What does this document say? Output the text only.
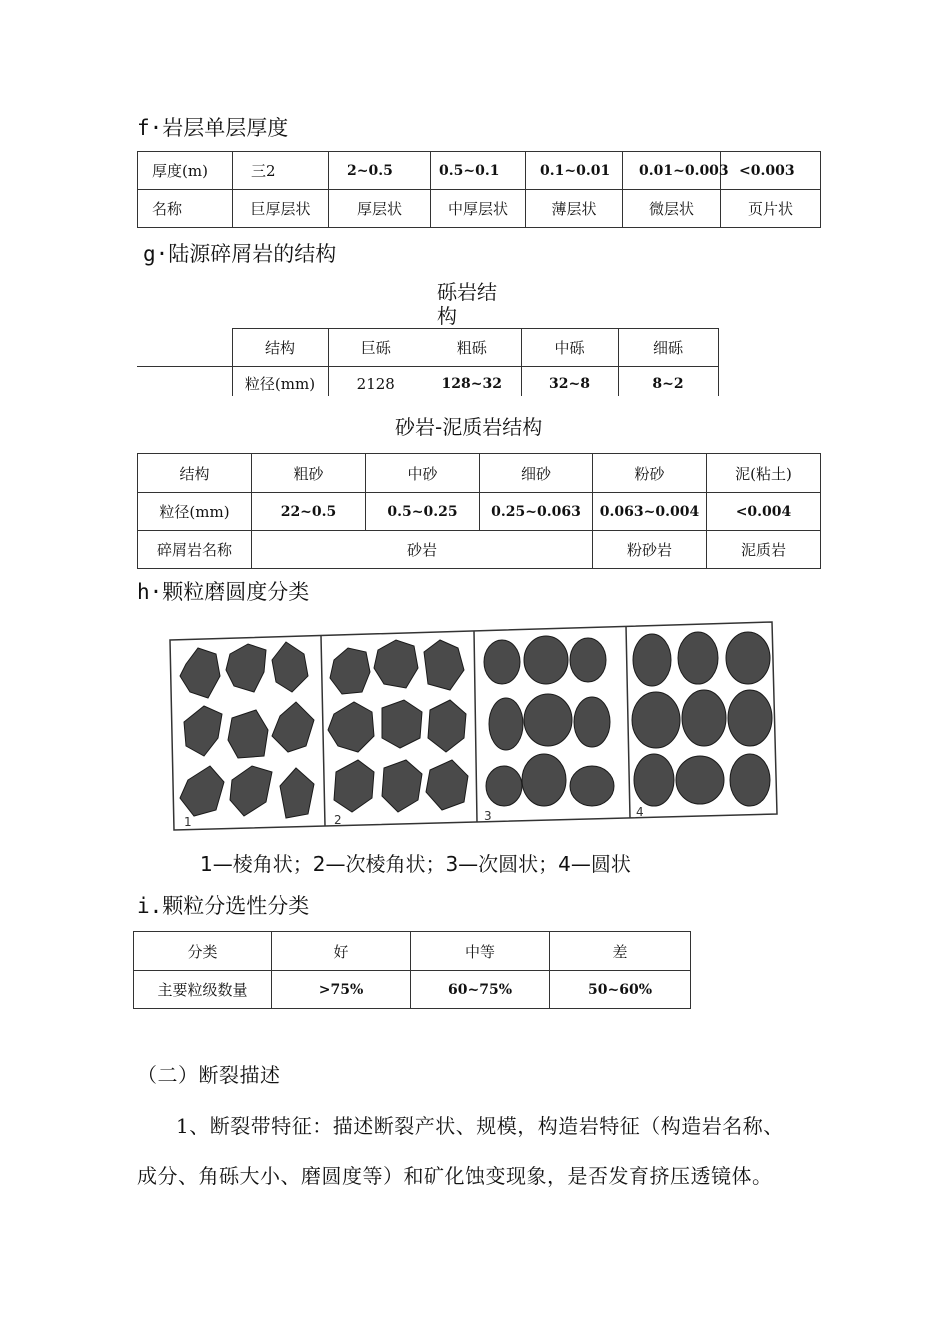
f·岩层单层厚度
厚度(m)	三2	2~0.5	0.5~0.1	0.1~0.01	0.01~0.003	<0.003
名称	巨厚层状	厚层状	中厚层状	薄层状	微层状	页片状
g·陆源碎屑岩的结构
砾岩结构
	结构	巨砾	粗砾	中砾	细砾
	粒径(mm)	2128	128~32	32~8	8~2
砂岩-泥质岩结构
结构	粗砂	中砂	细砂	粉砂	泥(粘土)
粒径(mm)	22~0.5	0.5~0.25	0.25~0.063	0.063~0.004	<0.004
碎屑岩名称	砂岩			粉砂岩	泥质岩
h·颗粒磨圆度分类
1	2	3	4
1—棱角状；2—次棱角状；3—次圆状；4—圆状
i.颗粒分选性分类
分类	好	中等	差
主要粒级数量	>75%	60~75%	50~60%
（二）断裂描述
1、断裂带特征：描述断裂产状、规模，构造岩特征（构造岩名称、
成分、角砾大小、磨圆度等）和矿化蚀变现象，是否发育挤压透镜体。
